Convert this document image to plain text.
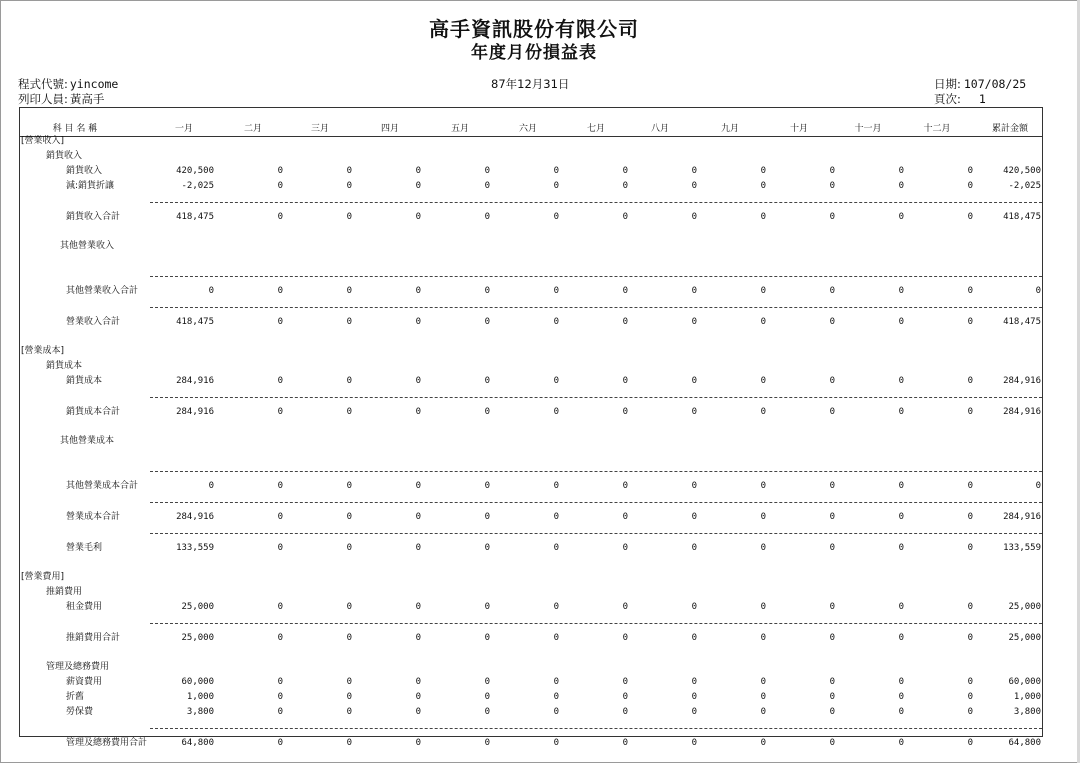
高手資訊股份有限公司
年度月份損益表
程式代號: yincome
列印人員: 黃高手
87年12月31日	日期: 107/08/25
頁次: 1
科 目 名 稱	一月	二月	三月	四月	五月	六月	七月	八月	九月	十月	十一月	十二月	累計金額
[營業收入]
銷貨收入
銷貨收入	420,500	0	0	0	0	0	0	0	0	0	0	0	420,500
減:銷貨折讓	-2,025	0	0	0	0	0	0	0	0	0	0	0	-2,025
銷貨收入合計	418,475	0	0	0	0	0	0	0	0	0	0	0	418,475
其他營業收入
其他營業收入合計	0	0	0	0	0	0	0	0	0	0	0	0	0
營業收入合計	418,475	0	0	0	0	0	0	0	0	0	0	0	418,475
[營業成本]
銷貨成本
銷貨成本	284,916	0	0	0	0	0	0	0	0	0	0	0	284,916
銷貨成本合計	284,916	0	0	0	0	0	0	0	0	0	0	0	284,916
其他營業成本
其他營業成本合計	0	0	0	0	0	0	0	0	0	0	0	0	0
營業成本合計	284,916	0	0	0	0	0	0	0	0	0	0	0	284,916
營業毛利	133,559	0	0	0	0	0	0	0	0	0	0	0	133,559
[營業費用]
推銷費用
租金費用	25,000	0	0	0	0	0	0	0	0	0	0	0	25,000
推銷費用合計	25,000	0	0	0	0	0	0	0	0	0	0	0	25,000
管理及總務費用
薪資費用	60,000	0	0	0	0	0	0	0	0	0	0	0	60,000
折舊	1,000	0	0	0	0	0	0	0	0	0	0	0	1,000
勞保費	3,800	0	0	0	0	0	0	0	0	0	0	0	3,800
管理及總務費用合計	64,800	0	0	0	0	0	0	0	0	0	0	0	64,800
